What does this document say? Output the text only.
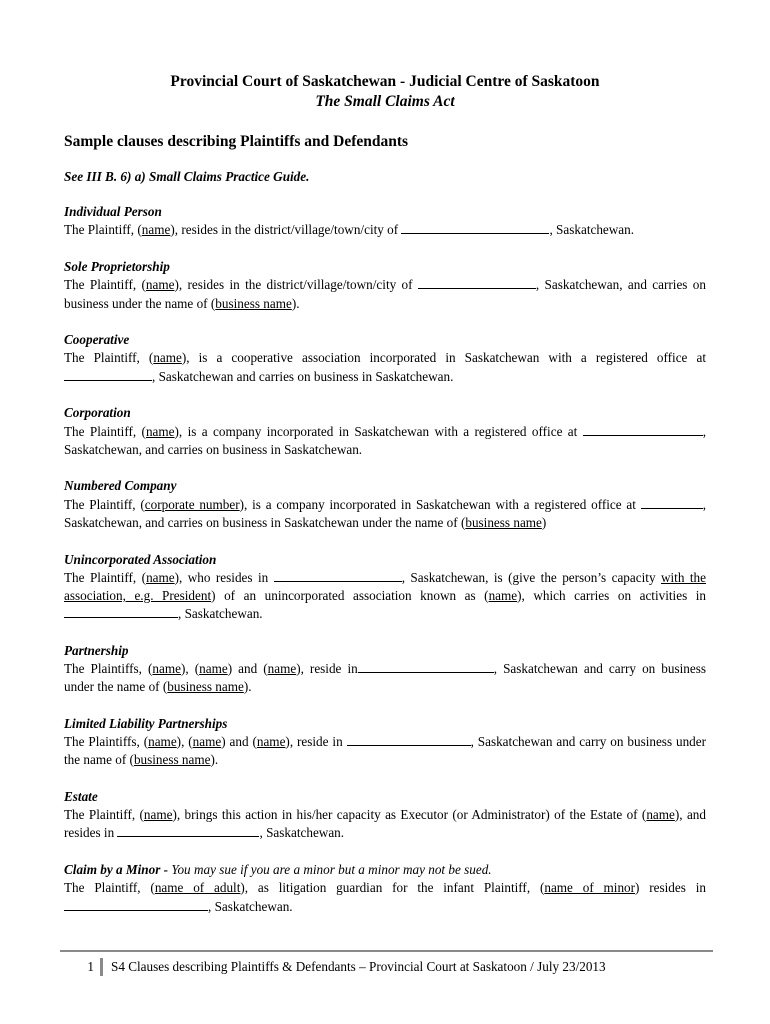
Provincial Court of Saskatchewan - Judicial Centre of Saskatoon
The Small Claims Act
Sample clauses describing Plaintiffs and Defendants
See III B. 6) a) Small Claims Practice Guide.
Individual Person
The Plaintiff, (name), resides in the district/village/town/city of	, Saskatchewan.
Sole Proprietorship
The Plaintiff, (name), resides in the district/village/town/city of	, Saskatchewan, and carries on business under the name of (business name).
Cooperative
The Plaintiff, (name), is a cooperative association incorporated in Saskatchewan with a registered office at, Saskatchewan and carries on business in Saskatchewan.
Corporation
The Plaintiff, (name), is a company incorporated in Saskatchewan with a registered office at	, Saskatchewan, and carries on business in Saskatchewan.
Numbered Company
The Plaintiff, (corporate number), is a company incorporated in Saskatchewan with a registered office at	, Saskatchewan, and carries on business in Saskatchewan under the name of (business name)
Unincorporated Association
The Plaintiff, (name), who resides in	, Saskatchewan, is (give the person’s capacity with the association, e.g. President) of an unincorporated association known as (name), which carries on activities in , Saskatchewan.
Partnership
The Plaintiffs, (name), (name) and (name), reside in	, Saskatchewan and carry on business under the name of (business name).
Limited Liability Partnerships
The Plaintiffs, (name), (name) and (name), reside in	, Saskatchewan and carry on business under the name of (business name).
Estate
The Plaintiff, (name), brings this action in his/her capacity as Executor (or Administrator) of the Estate of (name), and resides in	, Saskatchewan.
Claim by a Minor - You may sue if you are a minor but a minor may not be sued.
The Plaintiff, (name of adult), as litigation guardian for the infant Plaintiff, (name of minor) resides in , Saskatchewan.
1 S4 Clauses describing Plaintiffs & Defendants – Provincial Court at Saskatoon / July 23/2013
